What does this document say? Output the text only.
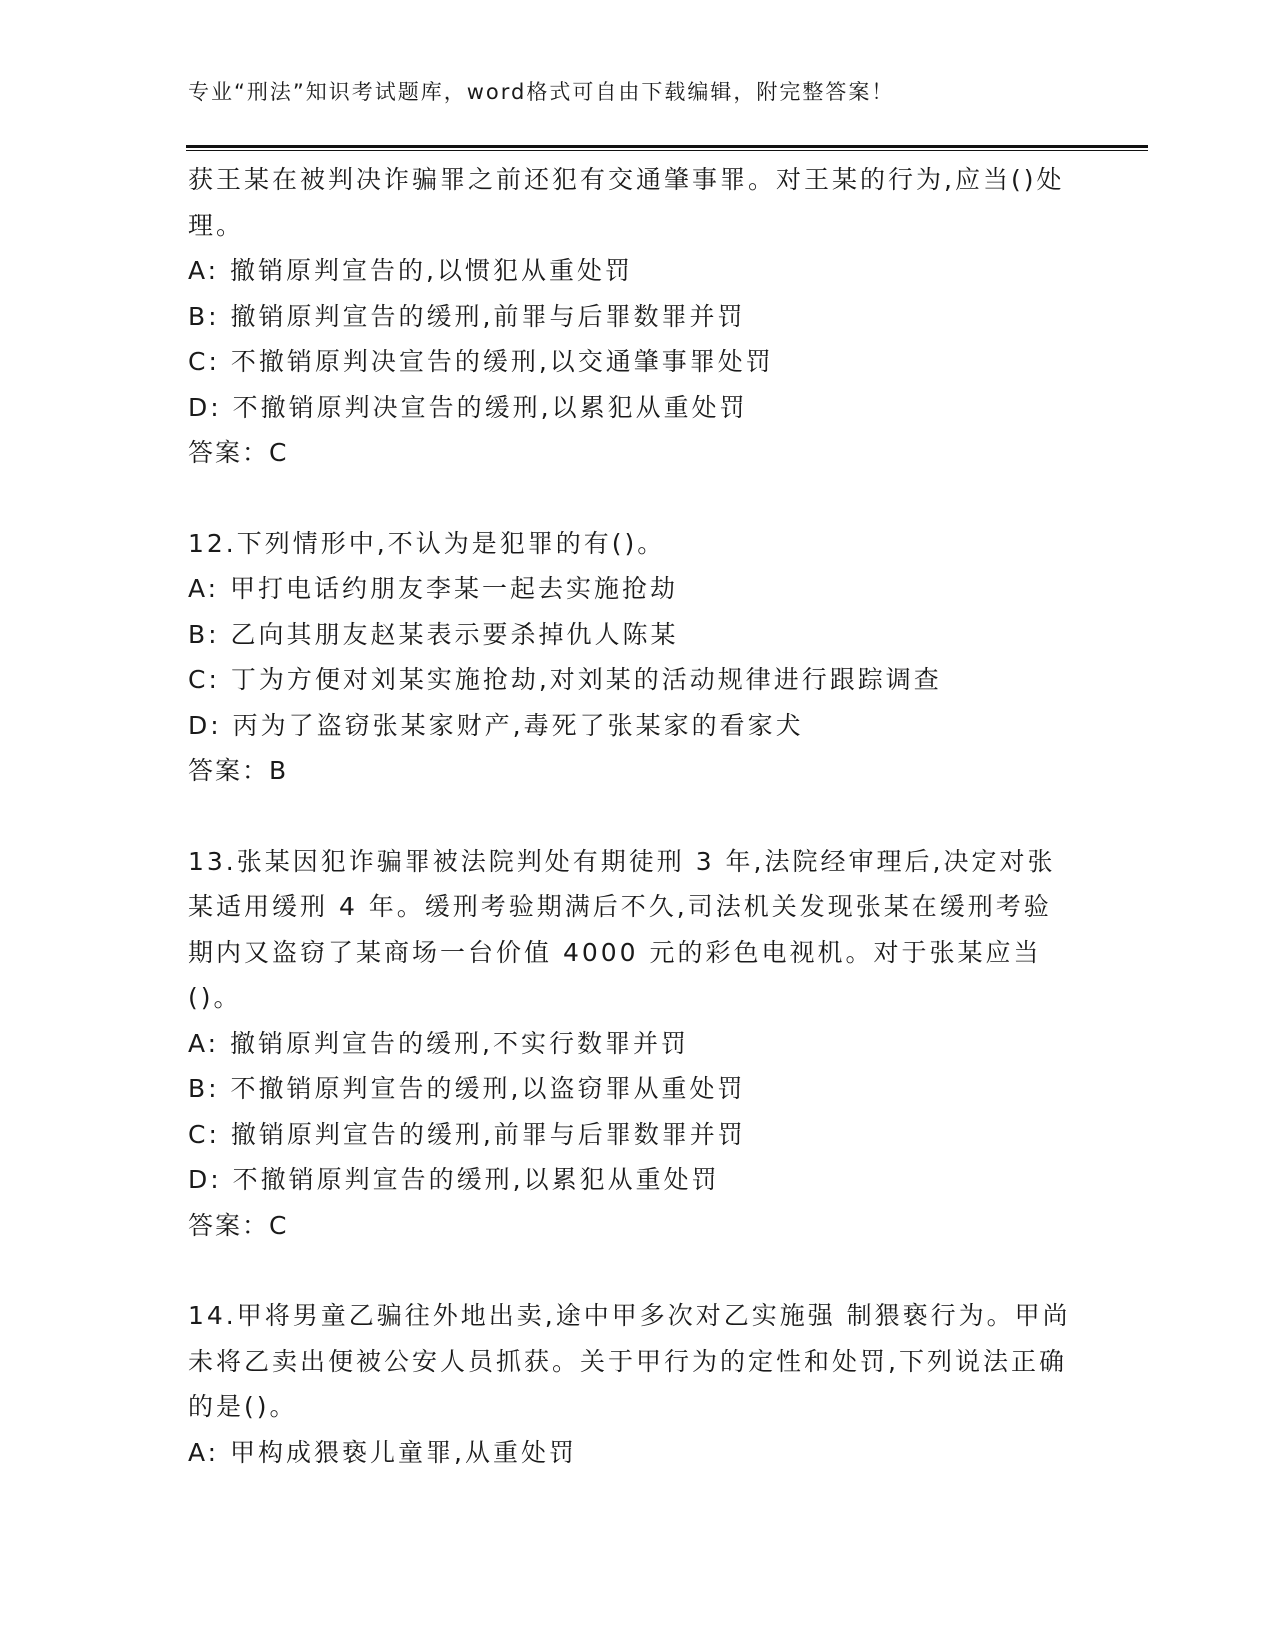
专业“刑法”知识考试题库，word格式可自由下载编辑，附完整答案！

获王某在被判决诈骗罪之前还犯有交通肇事罪。对王某的行为,应当()处理。

A: 撤销原判宣告的,以惯犯从重处罚

B: 撤销原判宣告的缓刑,前罪与后罪数罪并罚

C: 不撤销原判决宣告的缓刑,以交通肇事罪处罚

D: 不撤销原判决宣告的缓刑,以累犯从重处罚

答案：C

12.下列情形中,不认为是犯罪的有()。

A: 甲打电话约朋友李某一起去实施抢劫

B: 乙向其朋友赵某表示要杀掉仇人陈某

C: 丁为方便对刘某实施抢劫,对刘某的活动规律进行跟踪调查

D: 丙为了盗窃张某家财产,毒死了张某家的看家犬

答案：B

13.张某因犯诈骗罪被法院判处有期徒刑 3 年,法院经审理后,决定对张某适用缓刑 4 年。缓刑考验期满后不久,司法机关发现张某在缓刑考验期内又盗窃了某商场一台价值 4000 元的彩色电视机。对于张某应当()。

A: 撤销原判宣告的缓刑,不实行数罪并罚

B: 不撤销原判宣告的缓刑,以盗窃罪从重处罚

C: 撤销原判宣告的缓刑,前罪与后罪数罪并罚

D: 不撤销原判宣告的缓刑,以累犯从重处罚

答案：C

14.甲将男童乙骗往外地出卖,途中甲多次对乙实施强 制猥亵行为。甲尚未将乙卖出便被公安人员抓获。关于甲行为的定性和处罚,下列说法正确的是()。

A: 甲构成猥亵儿童罪,从重处罚
